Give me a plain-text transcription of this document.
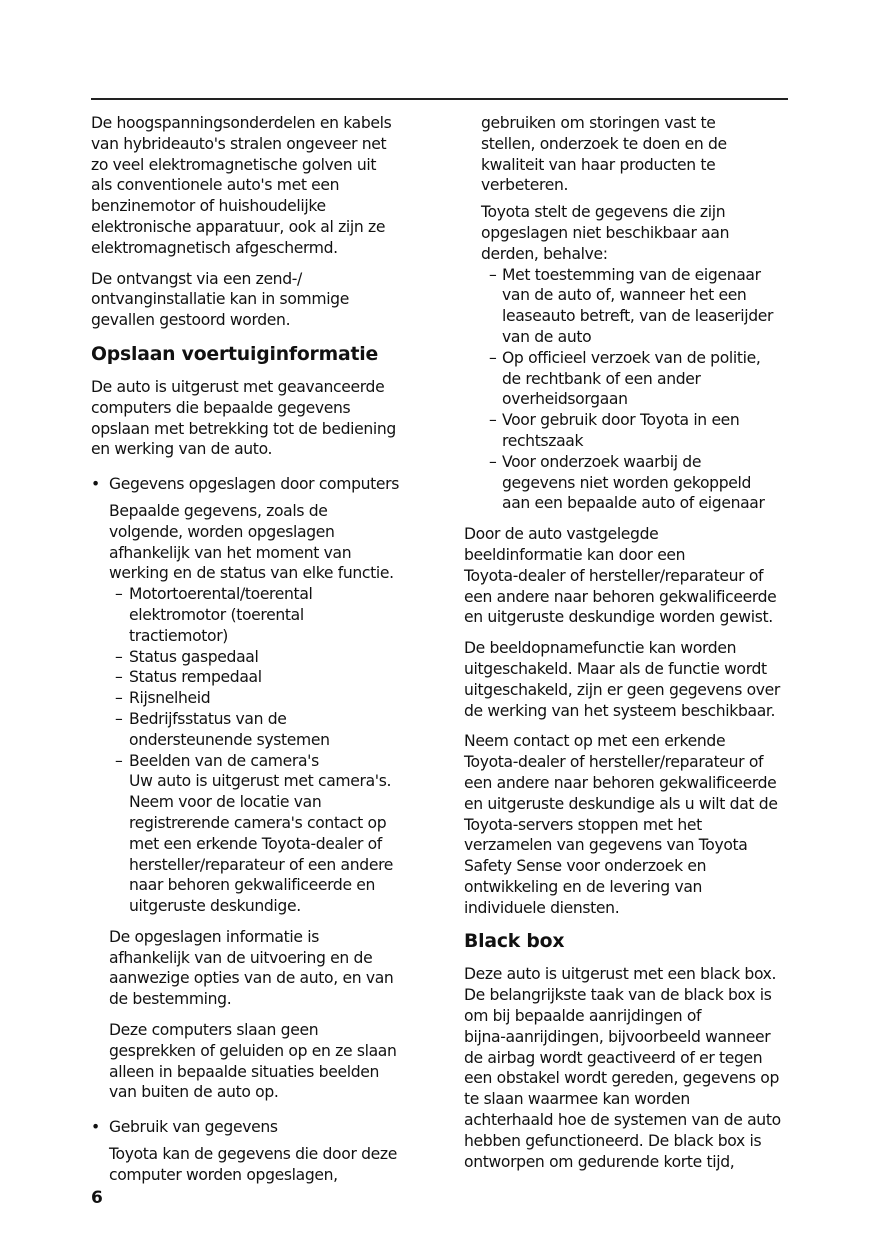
De hoogspanningsonderdelen en kabels
van hybrideauto's stralen ongeveer net
zo veel elektromagnetische golven uit
als conventionele auto's met een
benzinemotor of huishoudelijke
elektronische apparatuur, ook al zijn ze
elektromagnetisch afgeschermd.

De ontvangst via een zend-/
ontvanginstallatie kan in sommige
gevallen gestoord worden.

Opslaan voertuiginformatie

De auto is uitgerust met geavanceerde
computers die bepaalde gegevens
opslaan met betrekking tot de bediening
en werking van de auto.

• Gegevens opgeslagen door computers

Bepaalde gegevens, zoals de
volgende, worden opgeslagen
afhankelijk van het moment van
werking en de status van elke functie.

– Motortoerental/toerental
elektromotor (toerental
tractiemotor)
– Status gaspedaal
– Status rempedaal
– Rijsnelheid
– Bedrijfsstatus van de
ondersteunende systemen
– Beelden van de camera's
Uw auto is uitgerust met camera's.
Neem voor de locatie van
registrerende camera's contact op
met een erkende Toyota-dealer of
hersteller/reparateur of een andere
naar behoren gekwalificeerde en
uitgeruste deskundige.

De opgeslagen informatie is
afhankelijk van de uitvoering en de
aanwezige opties van de auto, en van
de bestemming.

Deze computers slaan geen
gesprekken of geluiden op en ze slaan
alleen in bepaalde situaties beelden
van buiten de auto op.

• Gebruik van gegevens

Toyota kan de gegevens die door deze
computer worden opgeslagen,

gebruiken om storingen vast te
stellen, onderzoek te doen en de
kwaliteit van haar producten te
verbeteren.

Toyota stelt de gegevens die zijn
opgeslagen niet beschikbaar aan
derden, behalve:

– Met toestemming van de eigenaar
van de auto of, wanneer het een
leaseauto betreft, van de leaserijder
van de auto
– Op officieel verzoek van de politie,
de rechtbank of een ander
overheidsorgaan
– Voor gebruik door Toyota in een
rechtszaak
– Voor onderzoek waarbij de
gegevens niet worden gekoppeld
aan een bepaalde auto of eigenaar

Door de auto vastgelegde
beeldinformatie kan door een
Toyota-dealer of hersteller/reparateur of
een andere naar behoren gekwalificeerde
en uitgeruste deskundige worden gewist.

De beeldopnamefunctie kan worden
uitgeschakeld. Maar als de functie wordt
uitgeschakeld, zijn er geen gegevens over
de werking van het systeem beschikbaar.

Neem contact op met een erkende
Toyota-dealer of hersteller/reparateur of
een andere naar behoren gekwalificeerde
en uitgeruste deskundige als u wilt dat de
Toyota-servers stoppen met het
verzamelen van gegevens van Toyota
Safety Sense voor onderzoek en
ontwikkeling en de levering van
individuele diensten.

Black box

Deze auto is uitgerust met een black box.
De belangrijkste taak van de black box is
om bij bepaalde aanrijdingen of
bijna-aanrijdingen, bijvoorbeeld wanneer
de airbag wordt geactiveerd of er tegen
een obstakel wordt gereden, gegevens op
te slaan waarmee kan worden
achterhaald hoe de systemen van de auto
hebben gefunctioneerd. De black box is
ontworpen om gedurende korte tijd,

6
